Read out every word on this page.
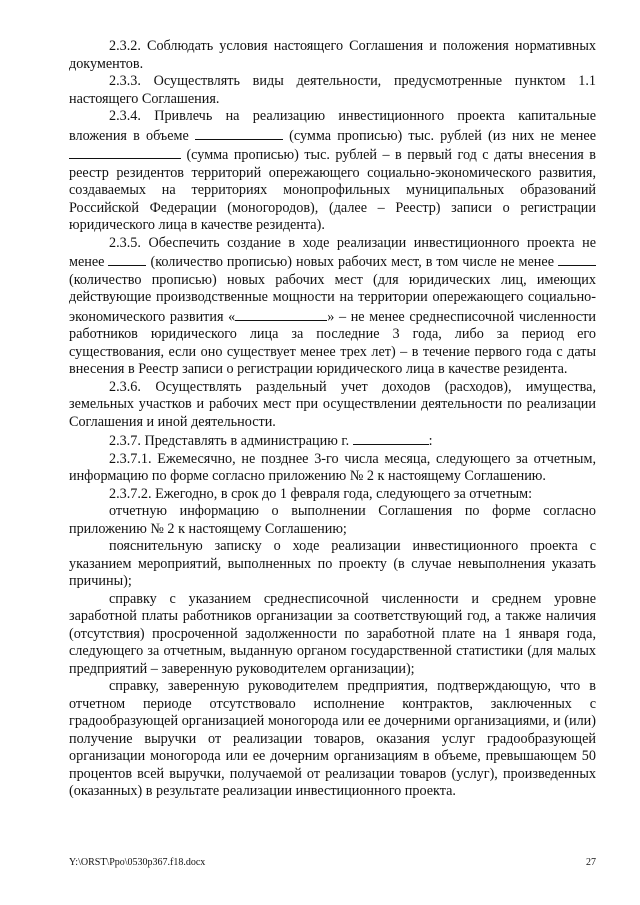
2.3.2. Соблюдать условия настоящего Соглашения и положения нормативных документов.

2.3.3. Осуществлять виды деятельности, предусмотренные пунктом 1.1 настоящего Соглашения.

2.3.4. Привлечь на реализацию инвестиционного проекта капитальные вложения в объеме	(сумма прописью) тыс. рублей (из них не менее  (сумма прописью) тыс. рублей – в первый год с даты внесения в реестр резидентов территорий опережающего социально-экономического развития, создаваемых на территориях монопрофильных муниципальных образований Российской Федерации (моногородов), (далее – Реестр) записи о регистрации юридического лица в качестве резидента).

2.3.5. Обеспечить создание в ходе реализации инвестиционного проекта не менее	(количество прописью) новых рабочих мест, в том числе не менее  (количество прописью) новых рабочих мест (для юридических лиц, имеющих действующие производственные мощности на территории опережающего социально-экономического развития «	» – не менее среднесписочной численности работников юридического лица за последние 3 года, либо за период его существования, если оно существует менее трех лет) – в течение первого года с даты внесения в Реестр записи о регистрации юридического лица в качестве резидента.

2.3.6. Осуществлять раздельный учет доходов (расходов), имущества, земельных участков и рабочих мест при осуществлении деятельности по реализации Соглашения и иной деятельности.

2.3.7. Представлять в администрацию г.	:

2.3.7.1. Ежемесячно, не позднее 3-го числа месяца, следующего за отчетным, информацию по форме согласно приложению № 2 к настоящему Соглашению.

2.3.7.2. Ежегодно, в срок до 1 февраля года, следующего за отчетным:

отчетную информацию о выполнении Соглашения по форме согласно приложению № 2 к настоящему Соглашению;

пояснительную записку о ходе реализации инвестиционного проекта с указанием мероприятий, выполненных по проекту (в случае невыполнения указать причины);

справку с указанием среднесписочной численности и среднем уровне заработной платы работников организации за соответствующий год, а также наличия (отсутствия) просроченной задолженности по заработной плате на 1 января года, следующего за отчетным, выданную органом государственной статистики (для малых предприятий – заверенную руководителем организации);

справку, заверенную руководителем предприятия, подтверждающую, что в отчетном периоде отсутствовало исполнение контрактов, заключенных с градообразующей организацией моногорода или ее дочерними организациями, и (или) получение выручки от реализации товаров, оказания услуг градообразующей организации моногорода или ее дочерним организациям в объеме, превышающем 50 процентов всей выручки, получаемой от реализации товаров (услуг), произведенных (оказанных) в результате реализации инвестиционного проекта.

Y:\ORST\Ppo\0530p367.f18.docx	27
